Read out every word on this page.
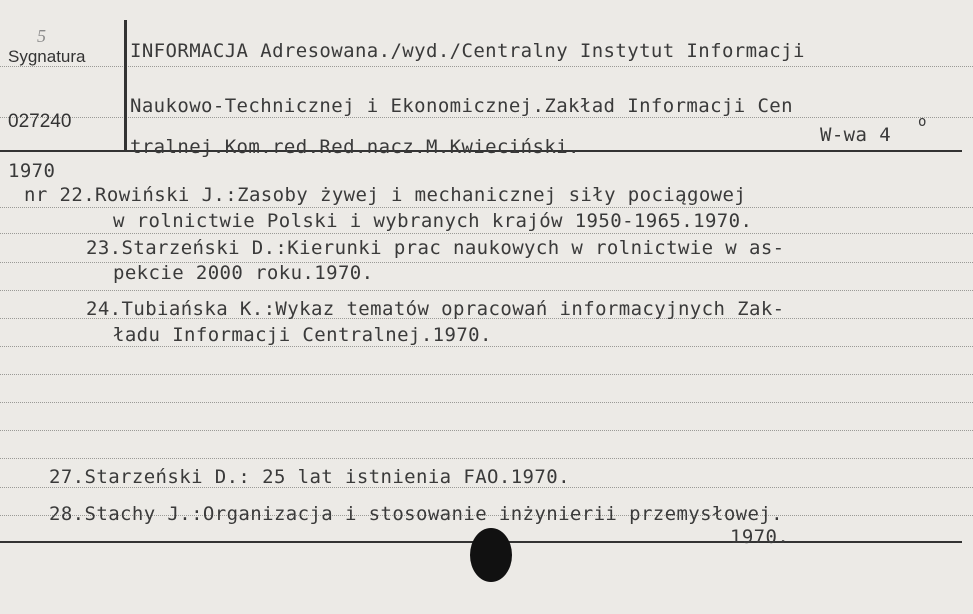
5
Sygnatura
027240
INFORMACJA Adresowana./wyd./Centralny Instytut Informacji
Naukowo-Technicznej i Ekonomicznej.Zakład Informacji Cen
tralnej.Kom.red.Red.nacz.M.Kwieciński.
W-wa 4
o
1970
nr 22.Rowiński J.:Zasoby żywej i mechanicznej siły pociągowej
w rolnictwie Polski i wybranych krajów 1950-1965.1970.
23.Starzeński D.:Kierunki prac naukowych w rolnictwie w as-
pekcie 2000 roku.1970.
24.Tubiańska K.:Wykaz tematów opracowań informacyjnych Zak-
ładu Informacji Centralnej.1970.
27.Starzeński D.: 25 lat istnienia FAO.1970.
28.Stachy J.:Organizacja i stosowanie inżynierii przemysłowej.
1970.
